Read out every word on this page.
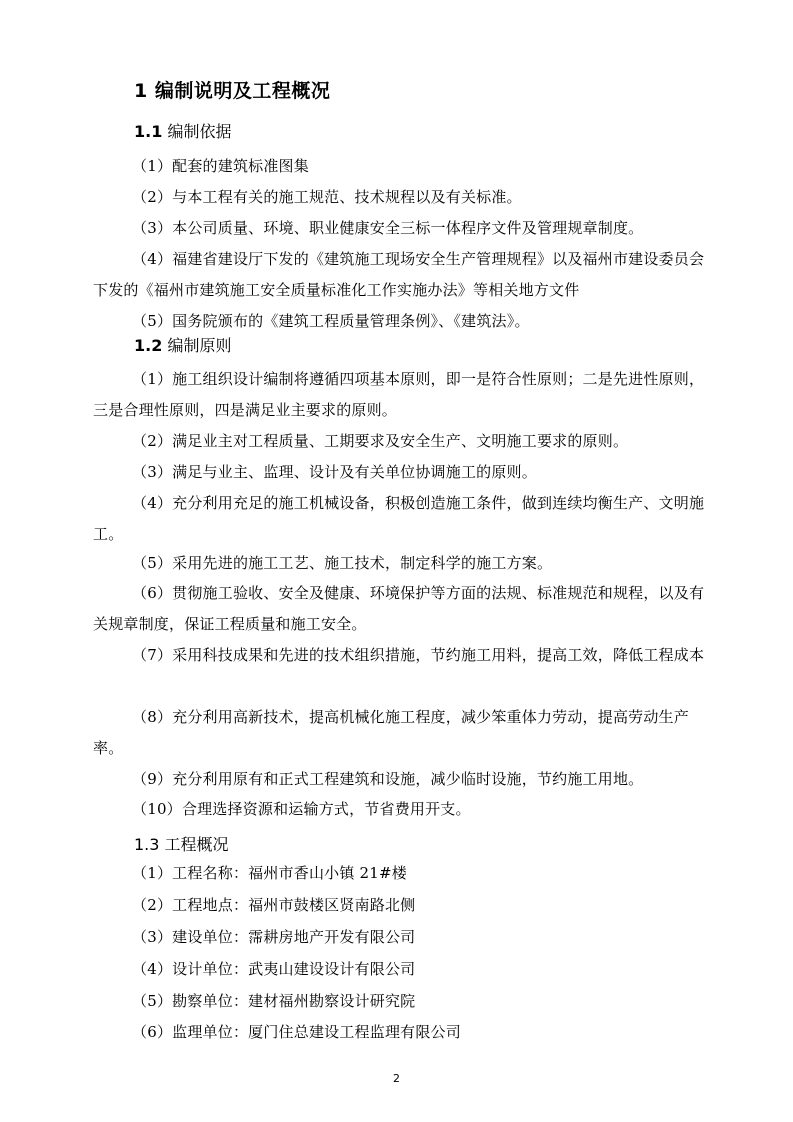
1 编制说明及工程概况
1.1 编制依据

（1）配套的建筑标准图集

（2）与本工程有关的施工规范、技术规程以及有关标准。

（3）本公司质量、环境、职业健康安全三标一体程序文件及管理规章制度。

（4）福建省建设厅下发的《建筑施工现场安全生产管理规程》以及福州市建设委员会下发的《福州市建筑施工安全质量标准化工作实施办法》等相关地方文件

（5）国务院颁布的《建筑工程质量管理条例》、《建筑法》。

1.2 编制原则

（1）施工组织设计编制将遵循四项基本原则，即一是符合性原则；二是先进性原则，三是合理性原则，四是满足业主要求的原则。

（2）满足业主对工程质量、工期要求及安全生产、文明施工要求的原则。

（3）满足与业主、监理、设计及有关单位协调施工的原则。

（4）充分利用充足的施工机械设备，积极创造施工条件，做到连续均衡生产、文明施工。

（5）采用先进的施工工艺、施工技术，制定科学的施工方案。

（6）贯彻施工验收、安全及健康、环境保护等方面的法规、标准规范和规程，以及有关规章制度，保证工程质量和施工安全。

（7）采用科技成果和先进的技术组织措施，节约施工用料，提高工效，降低工程成本

（8）充分利用高新技术，提高机械化施工程度，减少笨重体力劳动，提高劳动生产率。

（9）充分利用原有和正式工程建筑和设施，减少临时设施，节约施工用地。

（10）合理选择资源和运输方式，节省费用开支。

1.3 工程概况

（1）工程名称：福州市香山小镇 21#楼

（2）工程地点：福州市鼓楼区贤南路北侧

（3）建设单位：霈耕房地产开发有限公司

（4）设计单位：武夷山建设设计有限公司

（5）勘察单位：建材福州勘察设计研究院

（6）监理单位：厦门住总建设工程监理有限公司

2
